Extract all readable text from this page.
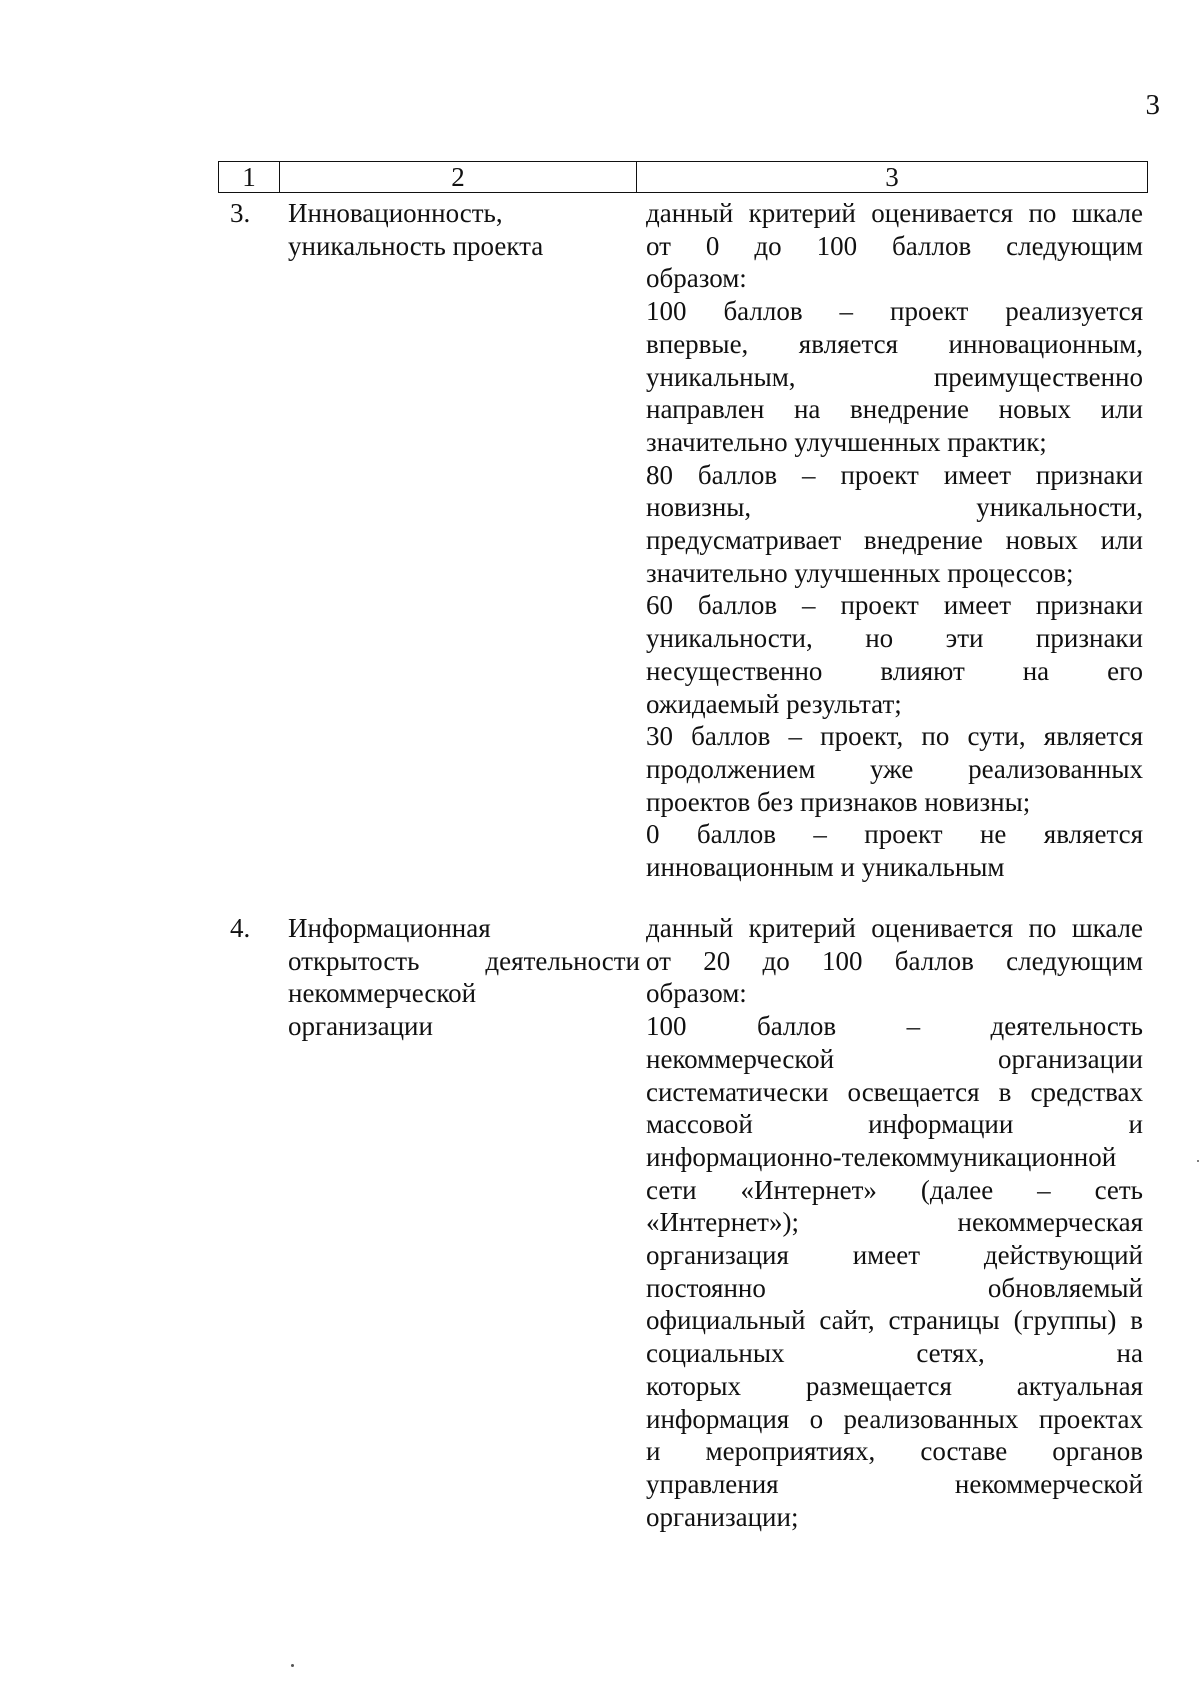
3
1	2	3
3. Инновационность,
уникальность проекта
данный критерий оценивается по шкале
от 0 до 100 баллов следующим
образом:
100 баллов – проект реализуется
впервые, является инновационным,
уникальным, преимущественно
направлен на внедрение новых или
значительно улучшенных практик;
80 баллов – проект имеет признаки
новизны, уникальности,
предусматривает внедрение новых или
значительно улучшенных процессов;
60 баллов – проект имеет признаки
уникальности, но эти признаки
несущественно влияют на его
ожидаемый результат;
30 баллов – проект, по сути, является
продолжением уже реализованных
проектов без признаков новизны;
0 баллов – проект не является
инновационным и уникальным
4. Информационная
открытость деятельности
некоммерческой
организации
данный критерий оценивается по шкале
от 20 до 100 баллов следующим
образом:
100 баллов – деятельность
некоммерческой организации
систематически освещается в средствах
массовой информации и
информационно-телекоммуникационной
сети «Интернет» (далее – сеть
«Интернет»); некоммерческая
организация имеет действующий
постоянно обновляемый
официальный сайт, страницы (группы) в
социальных сетях, на
которых размещается актуальная
информация о реализованных проектах
и мероприятиях, составе органов
управления некоммерческой
организации;
